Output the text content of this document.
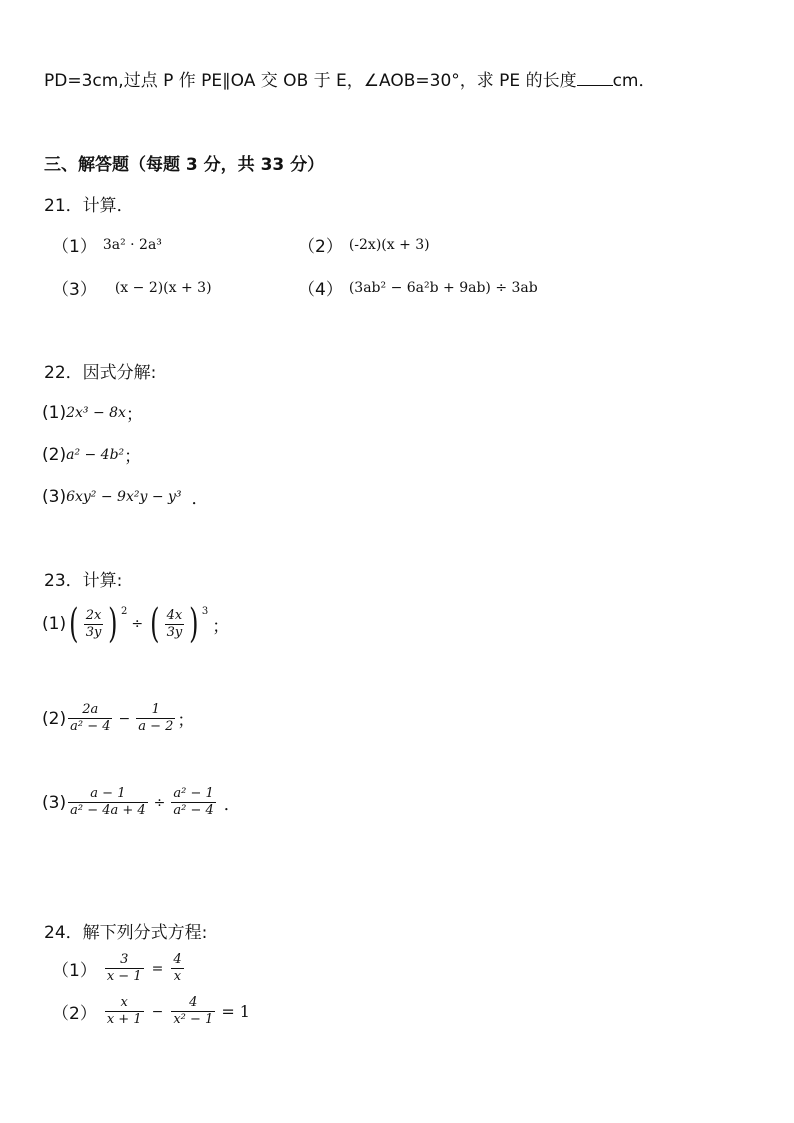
PD=3cm,过点 P 作 PE∥OA 交 OB 于 E，∠AOB=30°，求 PE 的长度 cm．
三、解答题（每题 3 分，共 33 分）
21．计算．
（1） 3a² · 2a³	（2） (-2x)(x + 3)
（3） (x − 2)(x + 3)	（4） (3ab² − 6a²b + 9ab) ÷ 3ab
22．因式分解:
(1) 2x³ − 8x ；
(2) a² − 4b² ；
(3) 6xy² − 9x²y − y³ ．
23．计算:
(1) ( $\frac{2x}{3y}$ ) 2
÷ ( $\frac{4x}{3y}$ ) 3
；
$(2) \frac{2a}{\text{a² − 4}} - \frac{1}{a - 2}$ ；
$(3) \frac{a - 1}{\text{a² − 4a + 4}} \div \frac{\text{a² − 1}}{\text{a² − 4}}$ ．
24．解下列分式方程:
$(1) \frac{3}{x - 1} = \frac{4}{x}$
$(2) \frac{x}{x + 1} - \frac{4}{\text{x² − 1}} = 1$
